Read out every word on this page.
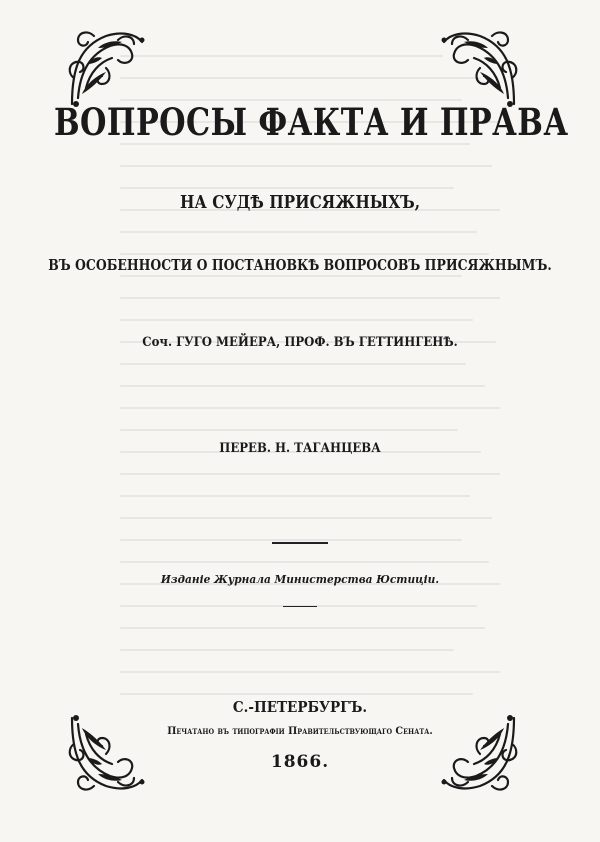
ВОПРОСЫ ФАКТА И ПРАВА
НА СУДѢ ПРИСЯЖНЫХЪ,
ВЪ ОСОБЕННОСТИ О ПОСТАНОВКѢ ВОПРОСОВЪ ПРИСЯЖНЫМЪ.
Соч. ГУГО МЕЙЕРА, ПРОФ. ВЪ ГЕТТИНГЕНѢ.
ПЕРЕВ. Н. ТАГАНЦЕВА
Изданіе Журнала Министерства Юстиціи.
С.-ПЕТЕРБУРГЪ.
Печатано въ типографіи Правительствующаго Сената.
1866.
